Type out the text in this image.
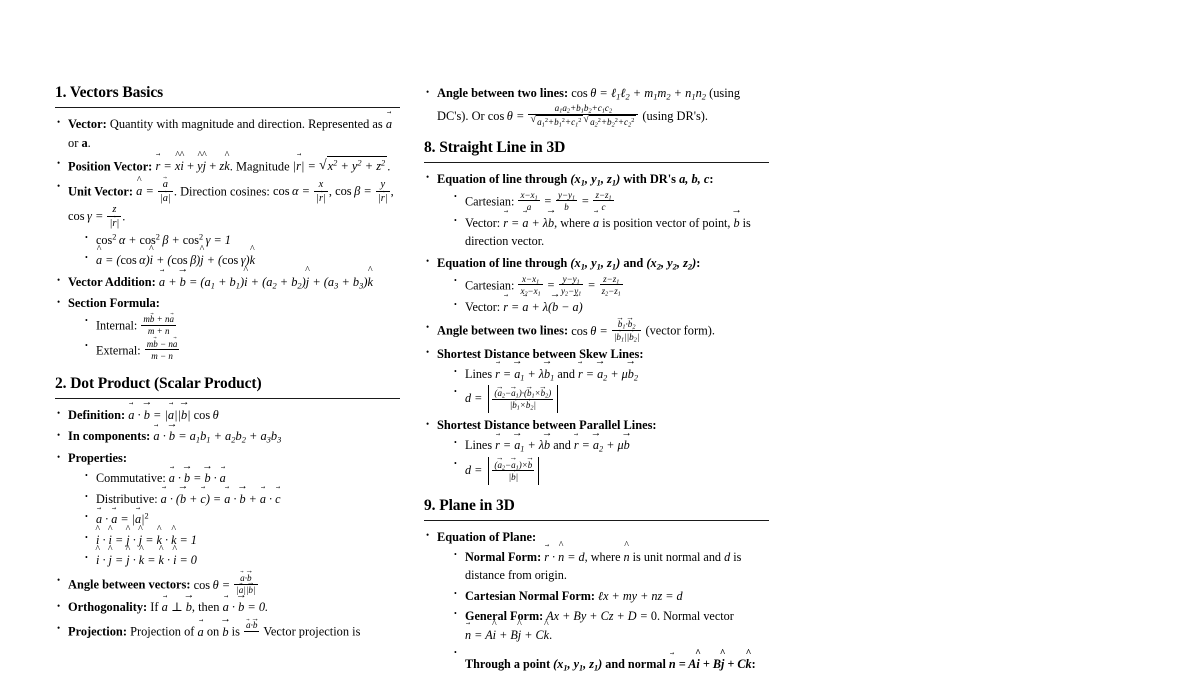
1. Vectors Basics
• Vector: Quantity with magnitude and direction. Represented as a → or a.
• Position Vector: r → = x⁠ ^i ^ + y⁠ ^j ^ + zk ^. Magnitude |r →| = √ $x^2 + y^2 + z^2$ .
• Unit Vector: a ^ = $\frac{a \to}{|a \to|}$ . Direction cosines: $\cos \alpha = \frac{x}{|r \to|}$ , $\cos \beta = \frac{y}{|r \to|}$ , $\cos \gamma = \frac{z}{|r \to|}$ .
• $\cos^2 \alpha + \cos^2 \beta + \cos^2 \gamma = 1$
• a ^ = (cos α)i ^ + (cos β)j ^ + (cos γ)k ^
• Vector Addition: a → + b → = $(a_1 + b_1)i$ ^ + $(a_2 + b_2)j$ ^ + $(a_3 + b_3)k$ ^
• Section Formula:
• Internal: $\frac{mb \to + na \to}{m + n}$
• External: $\frac{mb \to - na \to}{m - n}$
2. Dot Product (Scalar Product)
• Definition: a → · b → = |a →||b →| cos θ
• In components: a → · b → = $a_1b_1 + a_2b_2 + a_3b_3$
• Properties:
• Commutative: a → · b → = b → · a →
• Distributive: a → · (b → + c →) = a → · b → + a → · c →
• a → · a → = $|a \to|^2$
• i ^ · i ^ = j ^ · j ^ = k ^ · k ^ = 1
• i ^ · j ^ = j ^ · k ^ = k ^ · i ^ = 0
• Angle between vectors: $\cos \theta = \frac{a \to\cdot b \to}{|a \to||b \to|}$
• Orthogonality: If a → ⊥ b →, then a → · b → = 0.
• Projection: Projection of a → on b → is a →·b →
Vector projection is
• Angle between two lines: cos θ = ℓ$_1$ℓ$_2$ + $m_1m_2 + n_1n_2$ (using DC's). Or $\cos \theta = a_1a_2+b_1b_2+c_1c_2$
√ $a_1^2+b_1^2+c_1^2$ √ $a_2^2+b_2^2+c_2^2$ (using DR's).
8. Straight Line in 3D
• Equation of line through ($x_1$, $y_1$, $z_1$) with DR's a, b, c:
• Cartesian: $\frac{x-x_1}{a} = \frac{y-y_1}{b} = \frac{z-z_1}{c}$
• Vector: r → = a → + λb →, where a → is position vector of point, b → is direction vector.
• Equation of line through ($x_1$, $y_1$, $z_1$) and ($x_2$, $y_2$, $z_2$):
• Cartesian: $\frac{x-x_1}{x_2-x_1} = \frac{y-y_1}{y_2-y_1} = \frac{z-z_1}{z_2-z_1}$
• Vector: r → = a → + λ(b → − a →)
• Angle between two lines: $\cos \theta = \frac{b \to_1\cdot b \to_2}{|b \to_1||b \to_2|}$ (vector form).
• Shortest Distance between Skew Lines:
• Lines r → = $a \to_1 + \lambda b \to_1$ and r → = $a \to_2 + \mu b \to_2$
• $d = \frac{(a \to_2-a \to_1)\cdot(b \to_1\times b \to_2)}{|b \to_1\times b \to_2|}$
• Shortest Distance between Parallel Lines:
• Lines r → = $a \to_1 + \lambda b$ → and r → = $a \to_2 + \mu b$ →
• $d = \frac{(a \to_2-a \to_1)\times b \to}{|b \to|}$
9. Plane in 3D
• Equation of Plane:
• Normal Form: r → · n ^ = d, where n ^ is unit normal and d is distance from origin.
• Cartesian Normal Form: ℓx + my + nz = d
• General Form: Ax + By + Cz + D = 0. Normal vector n → = Ai ^ + Bj ^ + Ck ^.
•
Through a point ($x_1$, $y_1$, $z_1$) and normal n → = Ai ^ + Bj ^ + Ck ^:
